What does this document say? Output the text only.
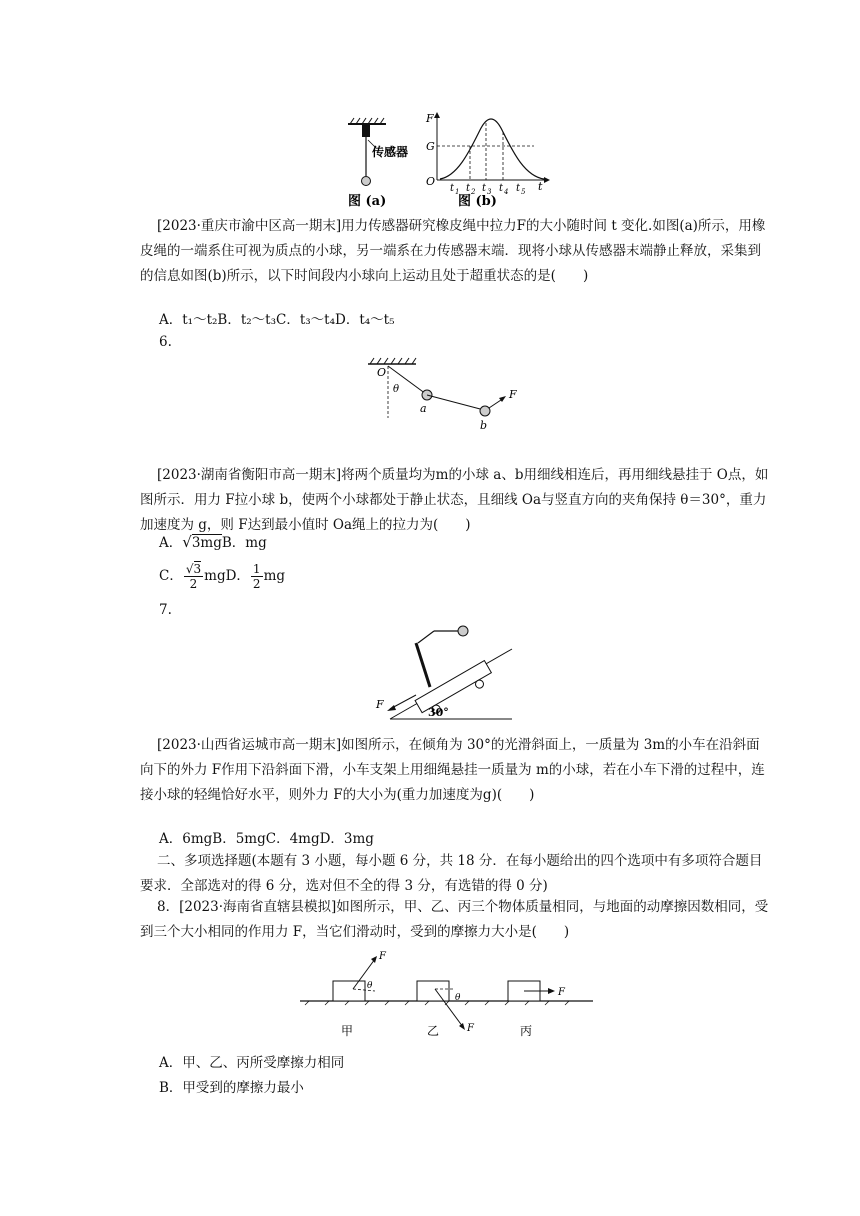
传感器
图 (a)
F
G
O	t
t 1 t 2 t 3 t 4 t 5
图 (b)
[2023·重庆市渝中区高一期末]用力传感器研究橡皮绳中拉力F的大小随时间 t 变化.如图(a)所示，用橡皮绳的一端系住可视为质点的小球，另一端系在力传感器末端．现将小球从传感器末端静止释放，采集到的信息如图(b)所示，以下时间段内小球向上运动且处于超重状态的是(　　)
A．t₁～t₂B．t₂～t₃C．t₃～t₄D．t₄～t₅
6.
O
θ
a
b
F
[2023·湖南省衡阳市高一期末]将两个质量均为m的小球 a、b用细线相连后，再用细线悬挂于 O点，如图所示．用力 F拉小球 b，使两个小球都处于静止状态，且细线 Oa与竖直方向的夹角保持 θ＝30°，重力加速度为 g，则 F达到最小值时 Oa绳上的拉力为(　　)
A．√3mgB．mg
C． $\frac{√3}{2}$ mgD． $\frac{1}{2}$ mg
7.
F
30°
[2023·山西省运城市高一期末]如图所示，在倾角为 30°的光滑斜面上，一质量为 3m的小车在沿斜面向下的外力 F作用下沿斜面下滑，小车支架上用细绳悬挂一质量为 m的小球，若在小车下滑的过程中，连接小球的轻绳恰好水平，则外力 F的大小为(重力加速度为g)(　　)
A．6mgB．5mgC．4mgD．3mg
二、多项选择题(本题有 3 小题，每小题 6 分，共 18 分．在每小题给出的四个选项中有多项符合题目要求．全部选对的得 6 分，选对但不全的得 3 分，有选错的得 0 分)
8．[2023·海南省直辖县模拟]如图所示，甲、乙、丙三个物体质量相同，与地面的动摩擦因数相同，受到三个大小相同的作用力 F，当它们滑动时，受到的摩擦力大小是(　　)
F
θ
F
θ	F
甲	乙	丙
A．甲、乙、丙所受摩擦力相同
B．甲受到的摩擦力最小
